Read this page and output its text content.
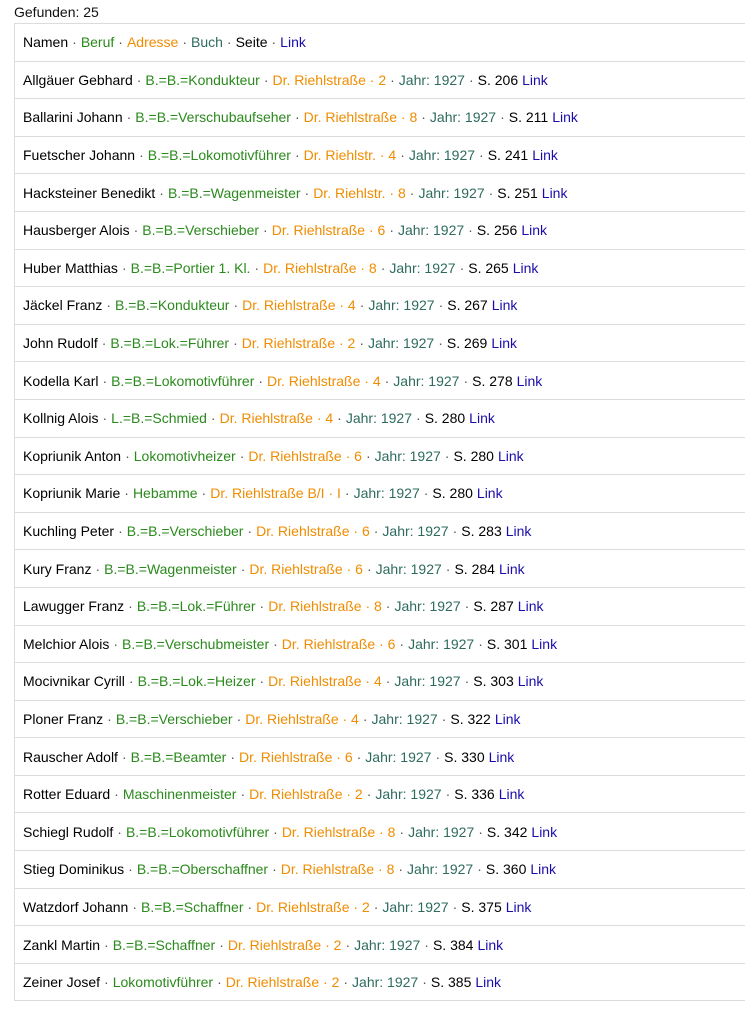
Gefunden: 25
Namen · Beruf · Adresse · Buch · Seite · Link
Allgäuer Gebhard · B.=B.=Kondukteur · Dr. Riehlstraße · 2 · Jahr: 1927 · S. 206 Link
Ballarini Johann · B.=B.=Verschubaufseher · Dr. Riehlstraße · 8 · Jahr: 1927 · S. 211 Link
Fuetscher Johann · B.=B.=Lokomotivführer · Dr. Riehlstr. · 4 · Jahr: 1927 · S. 241 Link
Hacksteiner Benedikt · B.=B.=Wagenmeister · Dr. Riehlstr. · 8 · Jahr: 1927 · S. 251 Link
Hausberger Alois · B.=B.=Verschieber · Dr. Riehlstraße · 6 · Jahr: 1927 · S. 256 Link
Huber Matthias · B.=B.=Portier 1. Kl. · Dr. Riehlstraße · 8 · Jahr: 1927 · S. 265 Link
Jäckel Franz · B.=B.=Kondukteur · Dr. Riehlstraße · 4 · Jahr: 1927 · S. 267 Link
John Rudolf · B.=B.=Lok.=Führer · Dr. Riehlstraße · 2 · Jahr: 1927 · S. 269 Link
Kodella Karl · B.=B.=Lokomotivführer · Dr. Riehlstraße · 4 · Jahr: 1927 · S. 278 Link
Kollnig Alois · L.=B.=Schmied · Dr. Riehlstraße · 4 · Jahr: 1927 · S. 280 Link
Kopriunik Anton · Lokomotivheizer · Dr. Riehlstraße · 6 · Jahr: 1927 · S. 280 Link
Kopriunik Marie · Hebamme · Dr. Riehlstraße B/I · I · Jahr: 1927 · S. 280 Link
Kuchling Peter · B.=B.=Verschieber · Dr. Riehlstraße · 6 · Jahr: 1927 · S. 283 Link
Kury Franz · B.=B.=Wagenmeister · Dr. Riehlstraße · 6 · Jahr: 1927 · S. 284 Link
Lawugger Franz · B.=B.=Lok.=Führer · Dr. Riehlstraße · 8 · Jahr: 1927 · S. 287 Link
Melchior Alois · B.=B.=Verschubmeister · Dr. Riehlstraße · 6 · Jahr: 1927 · S. 301 Link
Mocivnikar Cyrill · B.=B.=Lok.=Heizer · Dr. Riehlstraße · 4 · Jahr: 1927 · S. 303 Link
Ploner Franz · B.=B.=Verschieber · Dr. Riehlstraße · 4 · Jahr: 1927 · S. 322 Link
Rauscher Adolf · B.=B.=Beamter · Dr. Riehlstraße · 6 · Jahr: 1927 · S. 330 Link
Rotter Eduard · Maschinenmeister · Dr. Riehlstraße · 2 · Jahr: 1927 · S. 336 Link
Schiegl Rudolf · B.=B.=Lokomotivführer · Dr. Riehlstraße · 8 · Jahr: 1927 · S. 342 Link
Stieg Dominikus · B.=B.=Oberschaffner · Dr. Riehlstraße · 8 · Jahr: 1927 · S. 360 Link
Watzdorf Johann · B.=B.=Schaffner · Dr. Riehlstraße · 2 · Jahr: 1927 · S. 375 Link
Zankl Martin · B.=B.=Schaffner · Dr. Riehlstraße · 2 · Jahr: 1927 · S. 384 Link
Zeiner Josef · Lokomotivführer · Dr. Riehlstraße · 2 · Jahr: 1927 · S. 385 Link
